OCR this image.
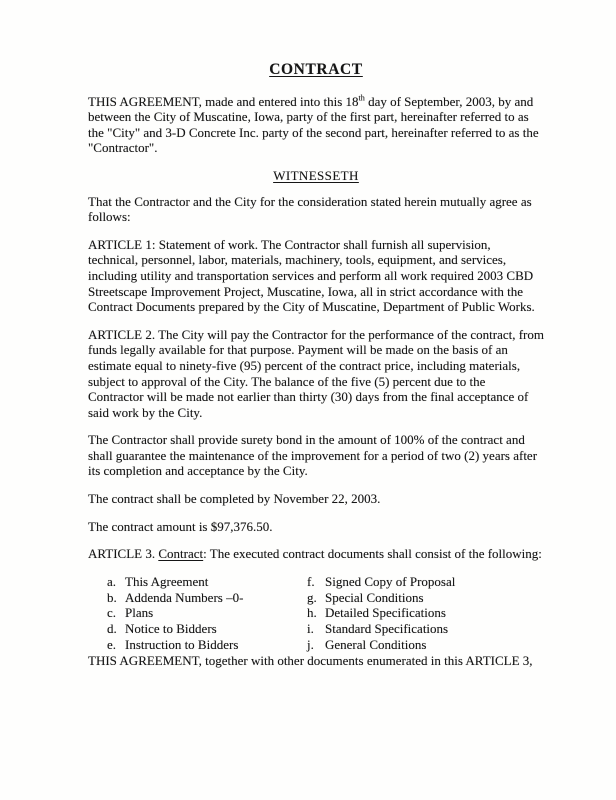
CONTRACT

THIS AGREEMENT, made and entered into this 18th day of September, 2003, by and between the City of Muscatine, Iowa, party of the first part, hereinafter referred to as the "City" and 3-D Concrete Inc. party of the second part, hereinafter referred to as the "Contractor".

WITNESSETH

That the Contractor and the City for the consideration stated herein mutually agree as follows:

ARTICLE 1: Statement of work. The Contractor shall furnish all supervision, technical, personnel, labor, materials, machinery, tools, equipment, and services, including utility and transportation services and perform all work required 2003 CBD Streetscape Improvement Project, Muscatine, Iowa, all in strict accordance with the Contract Documents prepared by the City of Muscatine, Department of Public Works.

ARTICLE 2. The City will pay the Contractor for the performance of the contract, from funds legally available for that purpose. Payment will be made on the basis of an estimate equal to ninety-five (95) percent of the contract price, including materials, subject to approval of the City. The balance of the five (5) percent due to the Contractor will be made not earlier than thirty (30) days from the final acceptance of said work by the City.

The Contractor shall provide surety bond in the amount of 100% of the contract and shall guarantee the maintenance of the improvement for a period of two (2) years after its completion and acceptance by the City.

The contract shall be completed by November 22, 2003.

The contract amount is $97,376.50.

ARTICLE 3. Contract: The executed contract documents shall consist of the following:

a. This Agreement
b. Addenda Numbers –0-
c. Plans
d. Notice to Bidders
e. Instruction to Bidders
f. Signed Copy of Proposal
g. Special Conditions
h. Detailed Specifications
i. Standard Specifications
j. General Conditions

THIS AGREEMENT, together with other documents enumerated in this ARTICLE 3,
